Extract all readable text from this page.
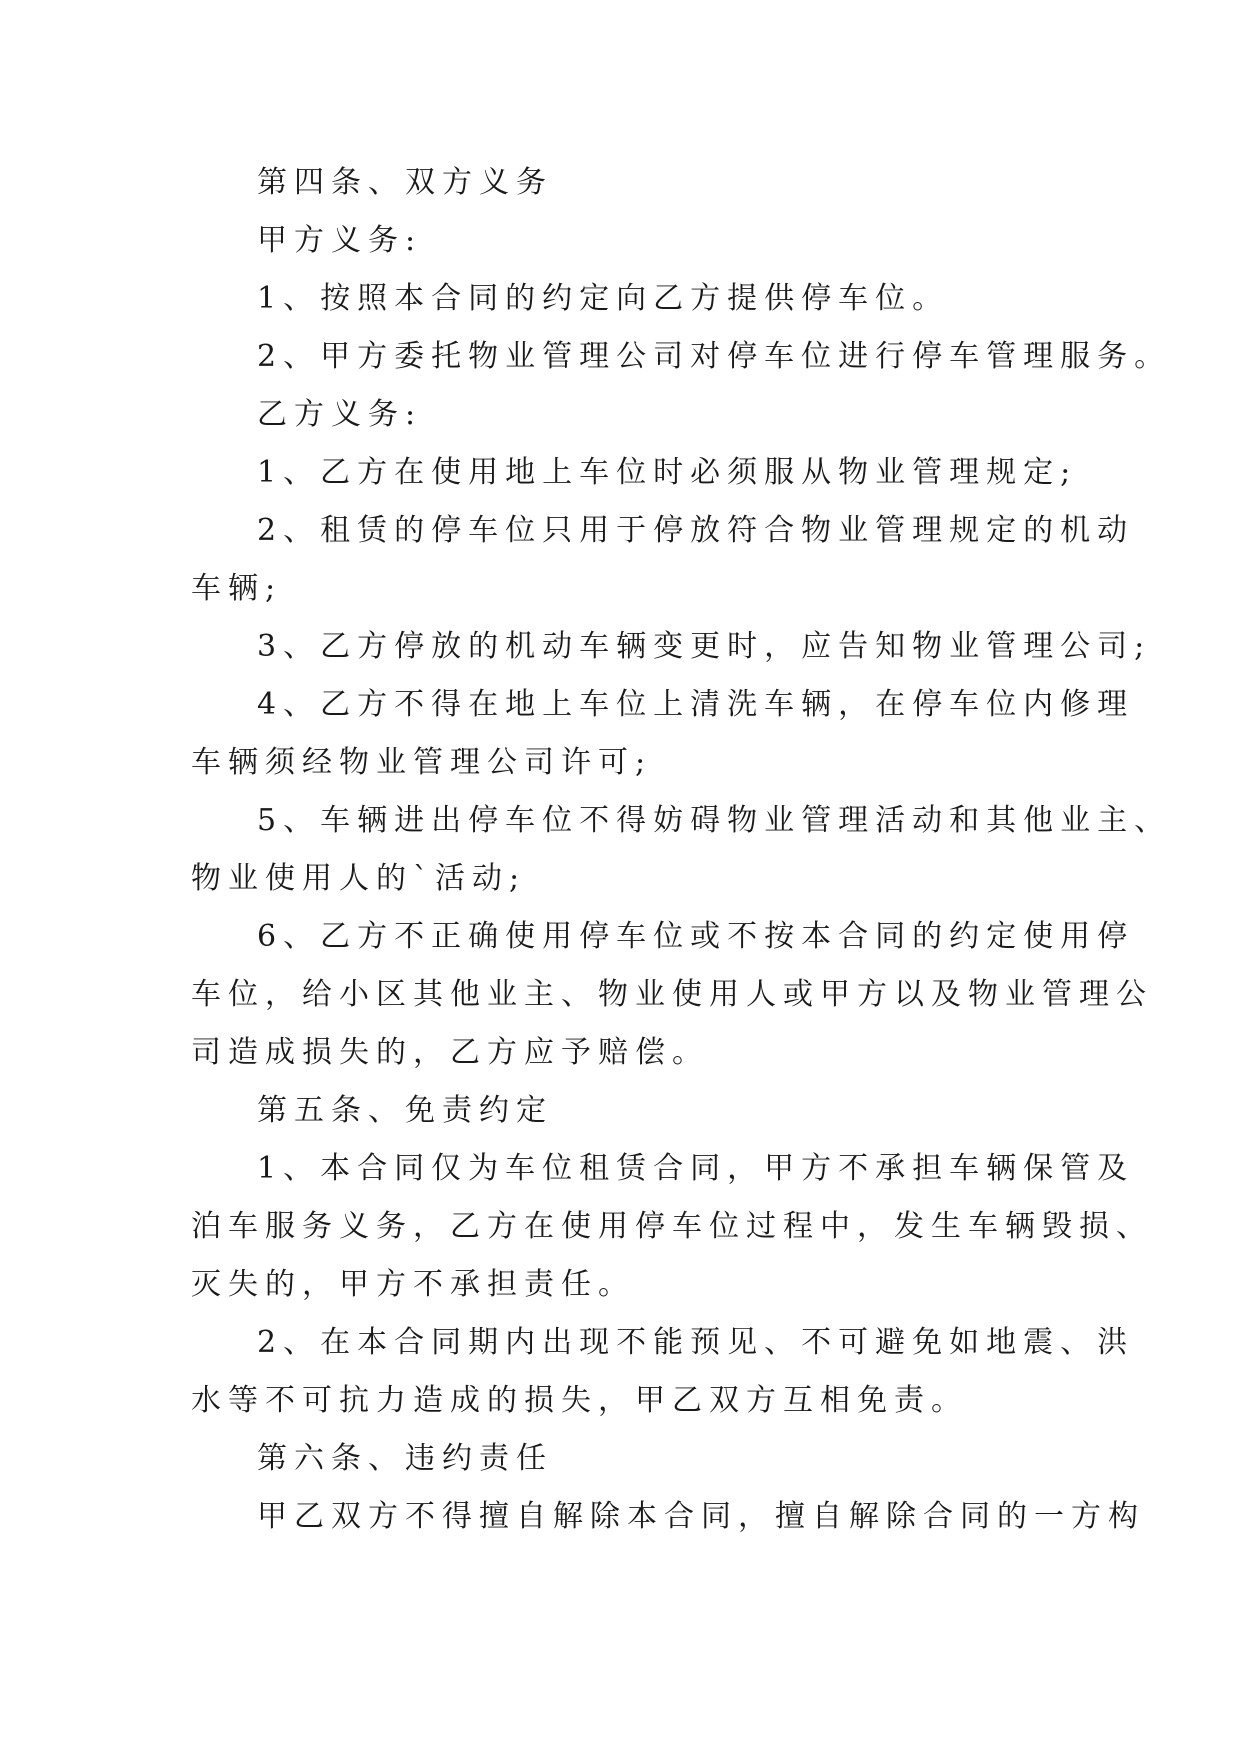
第四条、双方义务
甲方义务:
1、按照本合同的约定向乙方提供停车位。
2、甲方委托物业管理公司对停车位进行停车管理服务。
乙方义务:
1、乙方在使用地上车位时必须服从物业管理规定;
2、租赁的停车位只用于停放符合物业管理规定的机动
车辆;
3、乙方停放的机动车辆变更时，应告知物业管理公司;
4、乙方不得在地上车位上清洗车辆，在停车位内修理
车辆须经物业管理公司许可;
5、车辆进出停车位不得妨碍物业管理活动和其他业主、
物业使用人的`活动;
6、乙方不正确使用停车位或不按本合同的约定使用停
车位，给小区其他业主、物业使用人或甲方以及物业管理公
司造成损失的，乙方应予赔偿。
第五条、免责约定
1、本合同仅为车位租赁合同，甲方不承担车辆保管及
泊车服务义务，乙方在使用停车位过程中，发生车辆毁损、
灭失的，甲方不承担责任。
2、在本合同期内出现不能预见、不可避免如地震、洪
水等不可抗力造成的损失，甲乙双方互相免责。
第六条、违约责任
甲乙双方不得擅自解除本合同，擅自解除合同的一方构
